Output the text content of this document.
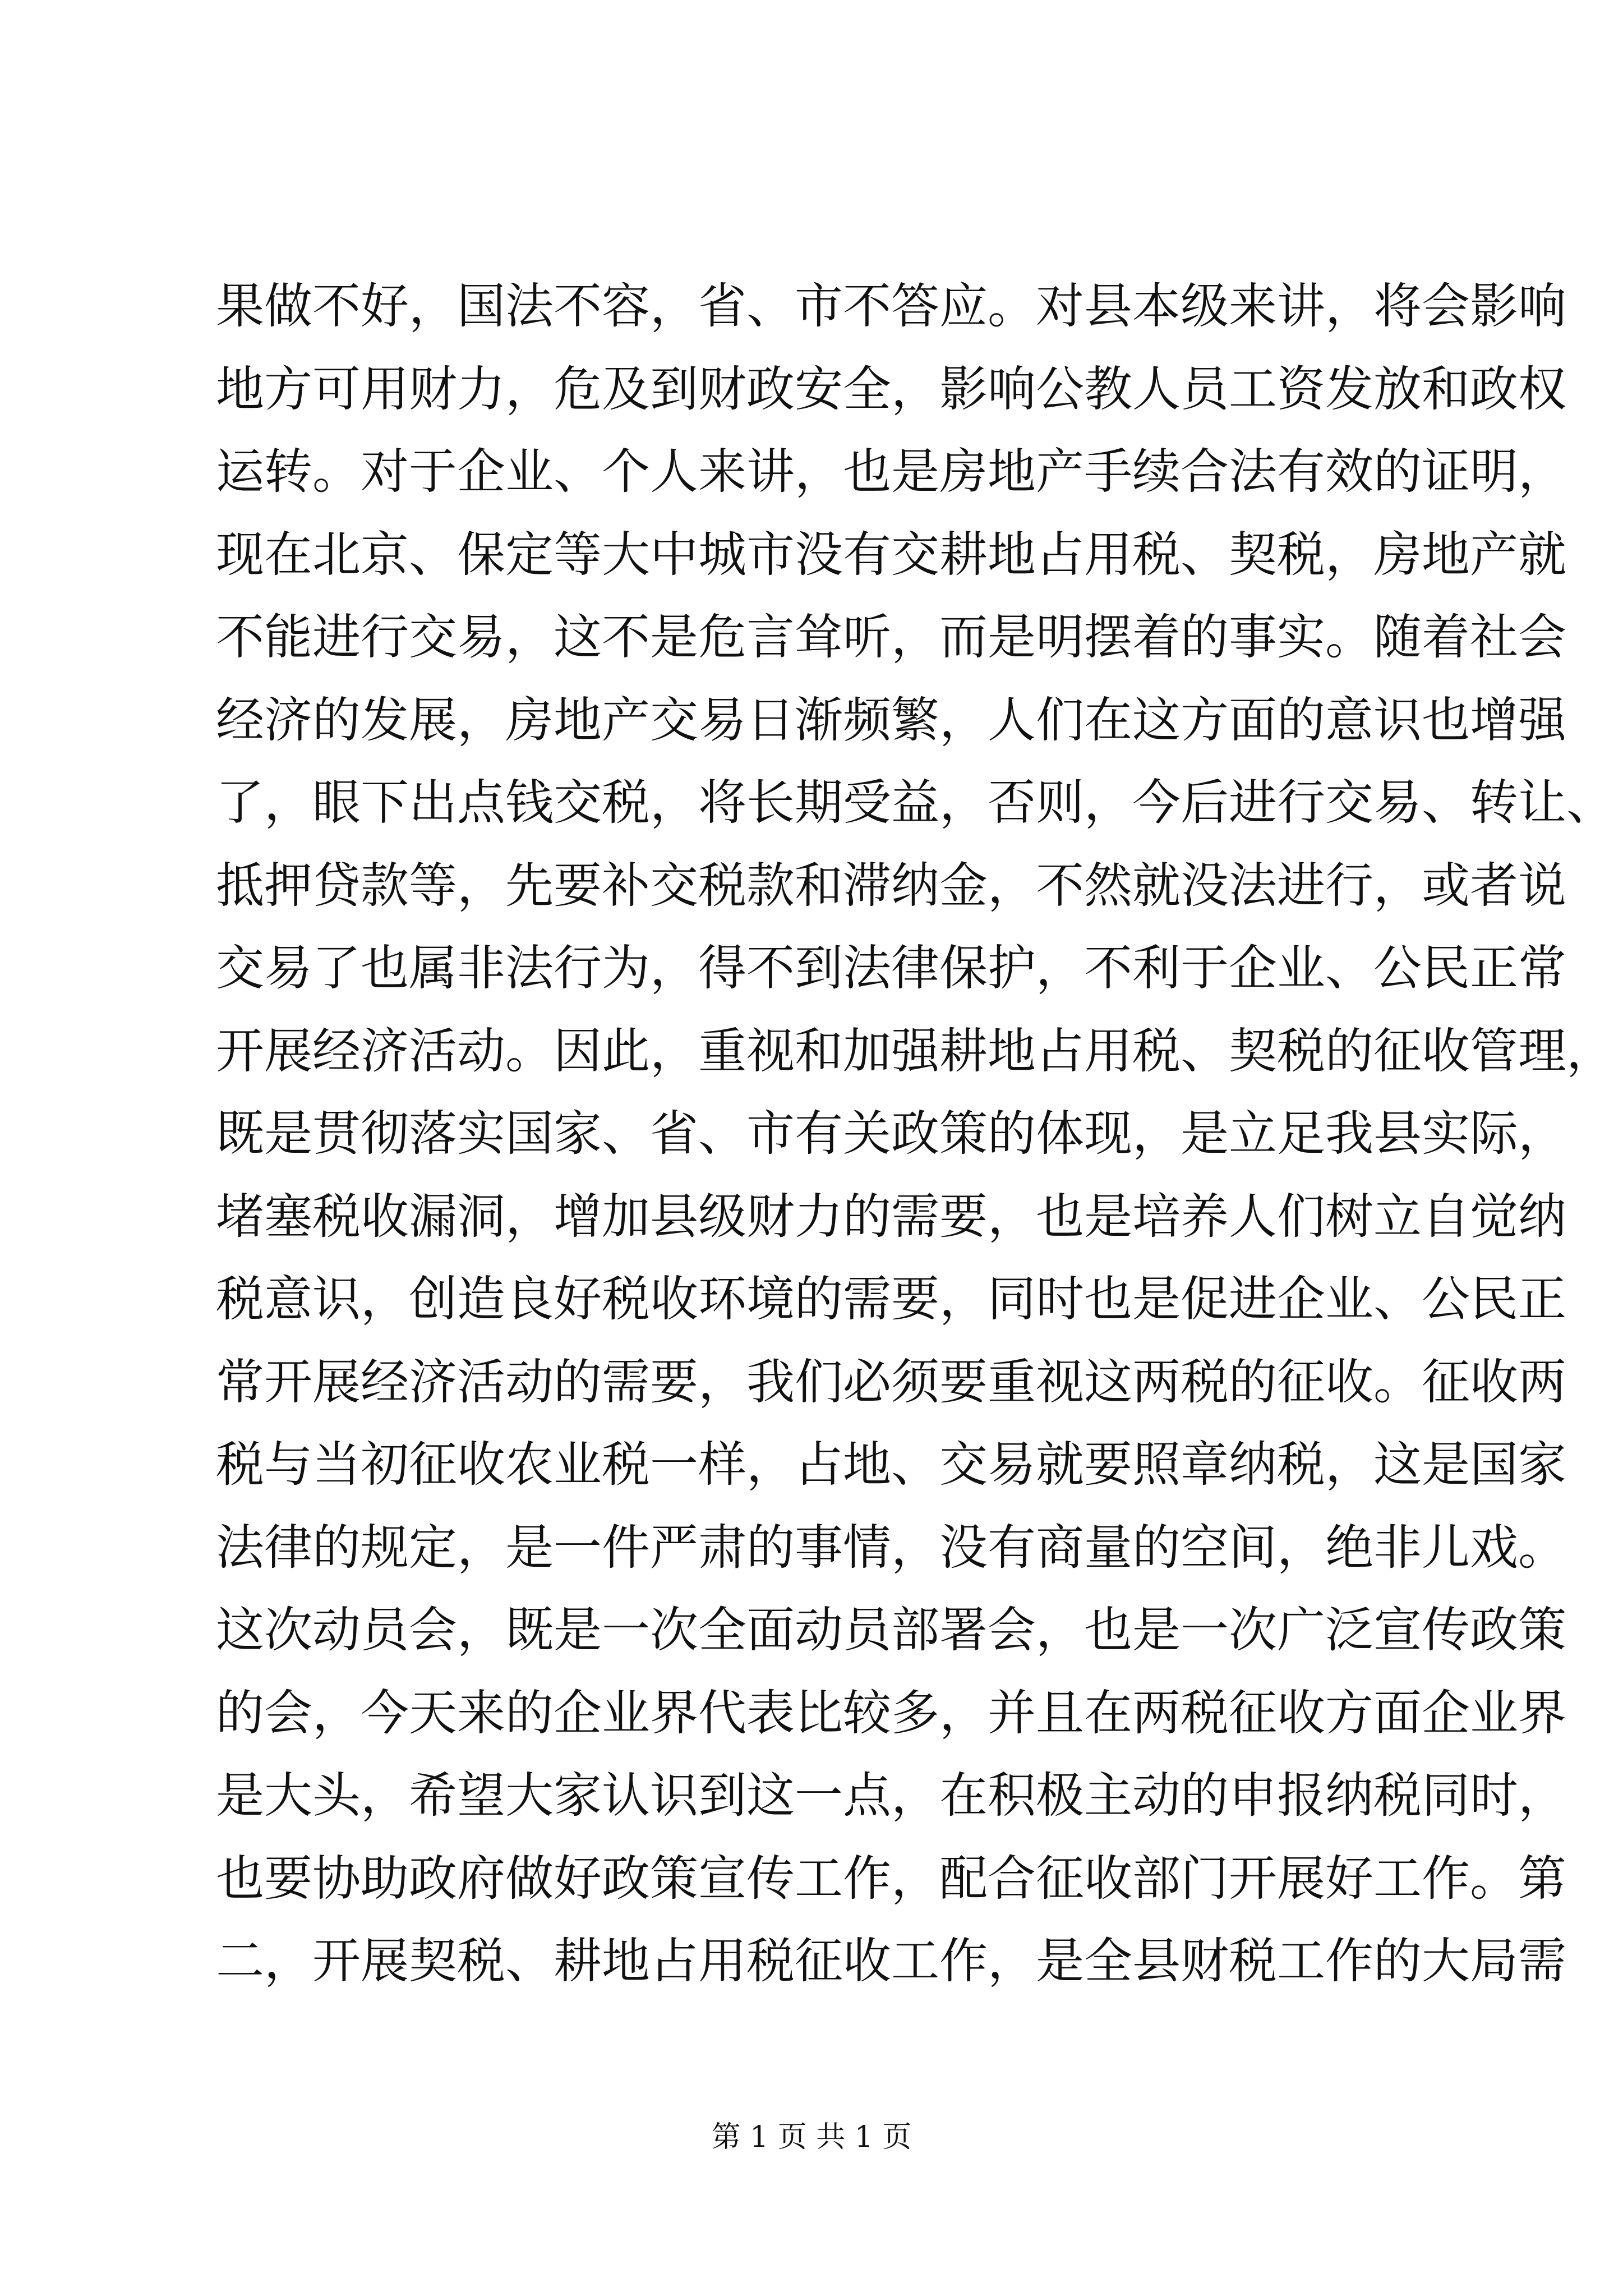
果做不好，国法不容，省、市不答应。对县本级来讲，将会影响
地方可用财力，危及到财政安全，影响公教人员工资发放和政权
运转。对于企业、个人来讲，也是房地产手续合法有效的证明，
现在北京、保定等大中城市没有交耕地占用税、契税，房地产就
不能进行交易，这不是危言耸听，而是明摆着的事实。随着社会
经济的发展，房地产交易日渐频繁，人们在这方面的意识也增强
了，眼下出点钱交税，将长期受益，否则，今后进行交易、转让、
抵押贷款等，先要补交税款和滞纳金，不然就没法进行，或者说
交易了也属非法行为，得不到法律保护，不利于企业、公民正常
开展经济活动。因此，重视和加强耕地占用税、契税的征收管理，
既是贯彻落实国家、省、市有关政策的体现，是立足我县实际，
堵塞税收漏洞，增加县级财力的需要，也是培养人们树立自觉纳
税意识，创造良好税收环境的需要，同时也是促进企业、公民正
常开展经济活动的需要，我们必须要重视这两税的征收。征收两
税与当初征收农业税一样，占地、交易就要照章纳税，这是国家
法律的规定，是一件严肃的事情，没有商量的空间，绝非儿戏。
这次动员会，既是一次全面动员部署会，也是一次广泛宣传政策
的会，今天来的企业界代表比较多，并且在两税征收方面企业界
是大头，希望大家认识到这一点，在积极主动的申报纳税同时，
也要协助政府做好政策宣传工作，配合征收部门开展好工作。第
二，开展契税、耕地占用税征收工作，是全县财税工作的大局需
第 1 页 共 1 页
